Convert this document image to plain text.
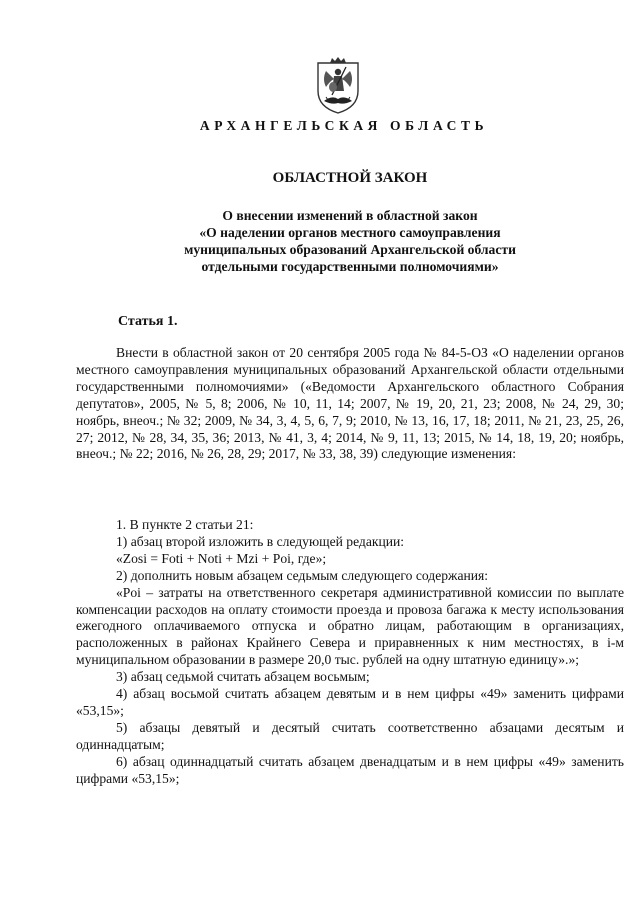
АРХАНГЕЛЬСКАЯ ОБЛАСТЬ
ОБЛАСТНОЙ ЗАКОН
О внесении изменений в областной закон
«О наделении органов местного самоуправления
муниципальных образований Архангельской области
отдельными государственными полномочиями»
Статья 1.

Внести в областной закон от 20 сентября 2005 года № 84-5-ОЗ «О наделении органов местного самоуправления муниципальных образований Архангельской области отдельными государственными полномочиями» («Ведомости Архангельского областного Собрания депутатов», 2005, № 5, 8; 2006, № 10, 11, 14; 2007, № 19, 20, 21, 23; 2008, № 24, 29, 30; ноябрь, внеоч.; № 32; 2009, № 34, 3, 4, 5, 6, 7, 9; 2010, № 13, 16, 17, 18; 2011, № 21, 23, 25, 26, 27; 2012, № 28, 34, 35, 36; 2013, № 41, 3, 4; 2014, № 9, 11, 13; 2015, № 14, 18, 19, 20; ноябрь, внеоч.; № 22; 2016, № 26, 28, 29; 2017, № 33, 38, 39) следующие изменения:

1. В пункте 2 статьи 21:

1) абзац второй изложить в следующей редакции:

«Zosi = Foti + Noti + Mzi + Poi, где»;

2) дополнить новым абзацем седьмым следующего содержания:

«Poi – затраты на ответственного секретаря административной комиссии по выплате компенсации расходов на оплату стоимости проезда и провоза багажа к месту использования ежегодного оплачиваемого отпуска и обратно лицам, работающим в организациях, расположенных в районах Крайнего Севера и приравненных к ним местностях, в i-м муниципальном образовании в размере 20,0 тыс. рублей на одну штатную единицу».»;

3) абзац седьмой считать абзацем восьмым;

4) абзац восьмой считать абзацем девятым и в нем цифры «49» заменить цифрами «53,15»;

5) абзацы девятый и десятый считать соответственно абзацами десятым и одиннадцатым;

6) абзац одиннадцатый считать абзацем двенадцатым и в нем цифры «49» заменить цифрами «53,15»;
